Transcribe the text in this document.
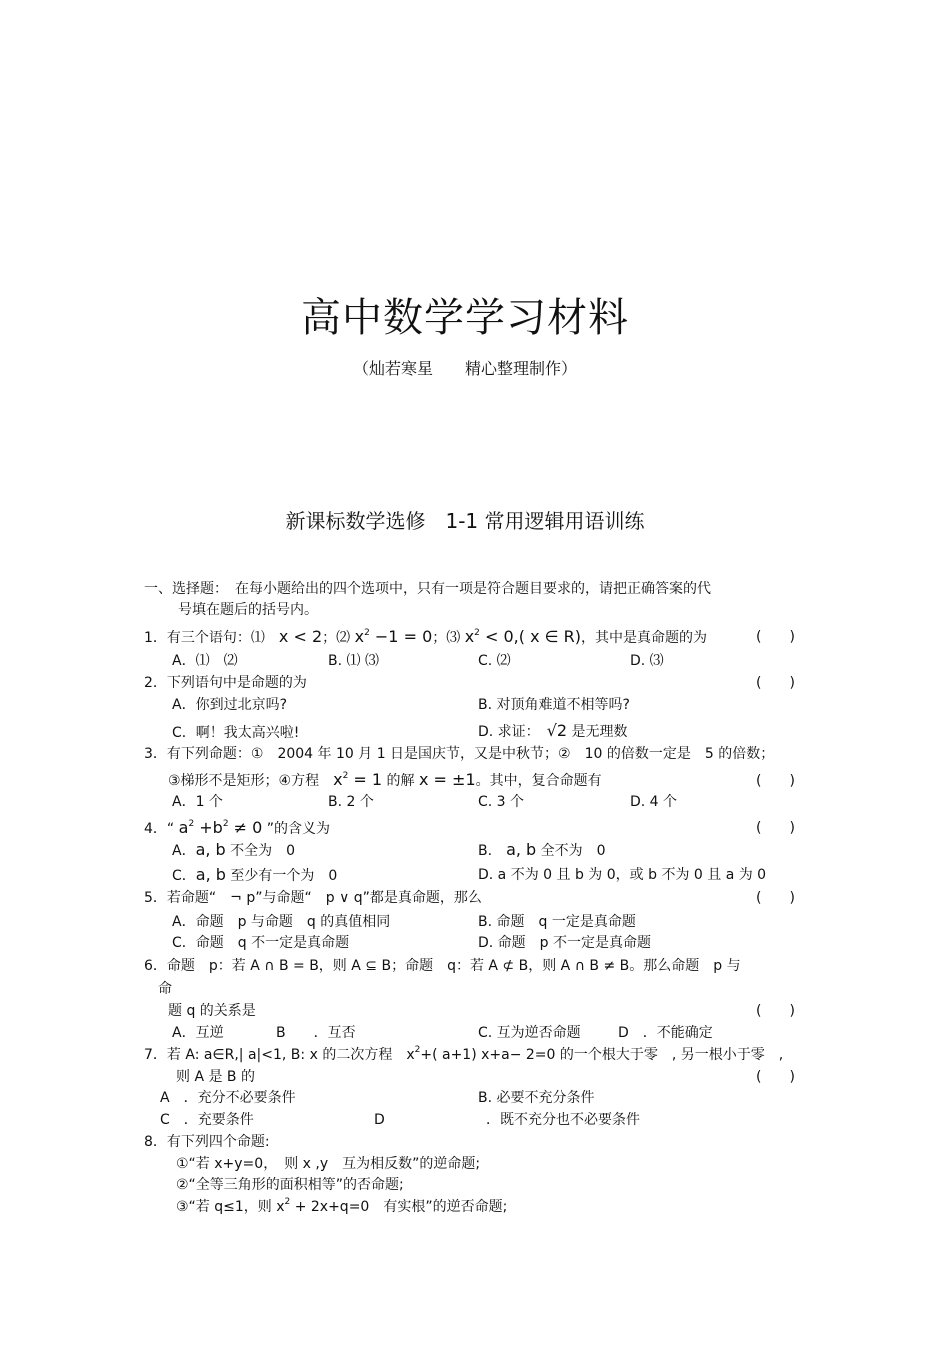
高中数学学习材料
（灿若寒星　　精心整理制作）
新课标数学选修　1-1 常用逻辑用语训练
一、选择题：　在每小题给出的四个选项中，只有一项是符合题目要求的，请把正确答案的代
号填在题后的括号内。
1．有三个语句：⑴　x < 2；⑵ $x^2 -1 = 0$；⑶ $x^2 < 0$,( x ∈ R)，其中是真命题的为	(　　)
A．⑴　⑵	B. ⑴ ⑶	C. ⑵	D. ⑶
2．下列语句中是命题的为	(　　)
A．你到过北京吗?	B. 对顶角难道不相等吗?
C．啊！我太高兴啦!	D. 求证：　√2 是无理数
3．有下列命题：①　2004 年 10 月 1 日是国庆节，又是中秋节；②　10 的倍数一定是　5 的倍数；
③梯形不是矩形；④方程　$x^2 = 1$ 的解 x = ±1。其中，复合命题有	(　　)
A．1 个	B. 2 个	C. 3 个	D. 4 个
4．“ $a^2 +b^2 \ne 0$ ”的含义为	(　　)
A．a, b 不全为　0	B.　a, b 全不为　0
C．a, b 至少有一个为　0	D. a 不为 0 且 b 为 0，或 b 不为 0 且 a 为 0
5．若命题“　¬ p”与命题“　p ∨ q”都是真命题，那么	(　　)
A．命题　p 与命题　q 的真值相同	B. 命题　q 一定是真命题
C．命题　q 不一定是真命题	D. 命题　p 不一定是真命题
6．命题　p：若 A ∩ B = B，则 A ⊆ B；命题　q：若 A ⊄ B，则 A ∩ B ≠ B。那么命题　p 与
命
题 q 的关系是	(　　)
A．互逆	B　　．互否	C. 互为逆否命题	D　．不能确定
7．若 A: a∈R,| a|<1, B: x 的二次方程　$x^2+$( a+1) x+a− 2=0 的一个根大于零　, 另一根小于零　,
则 A 是 B 的	(　　)
A　．充分不必要条件	B. 必要不充分条件
C　．充要条件	D	．既不充分也不必要条件
8．有下列四个命题:
①“若 x+y=0，　则 x ,y　互为相反数”的逆命题;
②“全等三角形的面积相等”的否命题;
③“若 q≤1，则 $x^2 + 2x+q=0$　有实根”的逆否命题;
